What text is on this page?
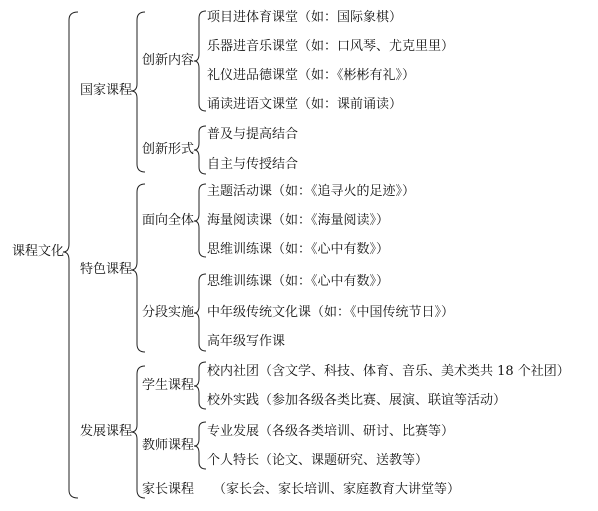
课程文化
国家课程
特色课程
发展课程
创新内容
创新形式
面向全体
分段实施
学生课程
教师课程
家长课程 （家长会、家长培训、家庭教育大讲堂等）
项目进体育课堂（如：国际象棋）
乐器进音乐课堂（如：口风琴、尤克里里）
礼仪进品德课堂（如：《彬彬有礼》）
诵读进语文课堂（如：课前诵读）
普及与提高结合
自主与传授结合
主题活动课（如：《追寻火的足迹》）
海量阅读课（如：《海量阅读》）
思维训练课（如：《心中有数》）
思维训练课（如：《心中有数》）
中年级传统文化课（如：《中国传统节日》）
高年级写作课
校内社团（含文学、科技、体育、音乐、美术类共 18 个社团）
校外实践（参加各级各类比赛、展演、联谊等活动）
专业发展（各级各类培训、研讨、比赛等）
个人特长（论文、课题研究、送教等）
